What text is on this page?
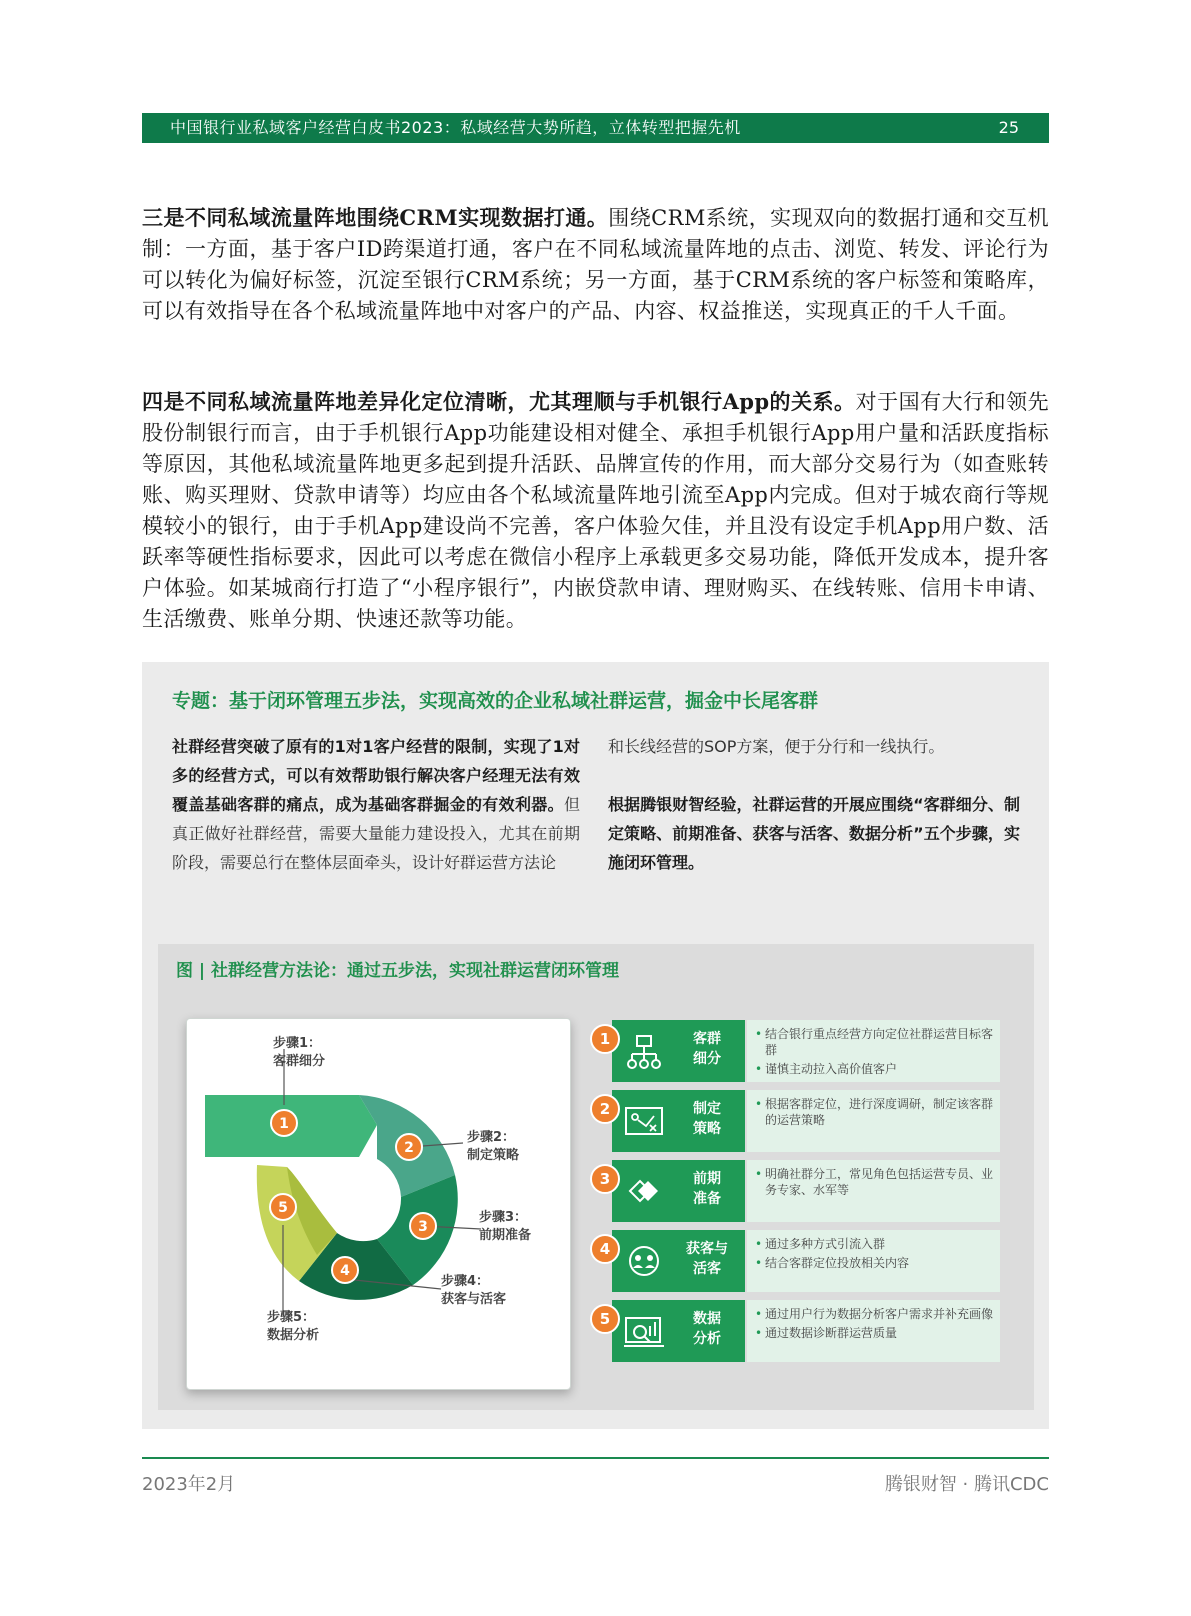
中国银行业私域客户经营白皮书2023：私域经营大势所趋，立体转型把握先机	25

三是不同私域流量阵地围绕CRM实现数据打通。围绕CRM系统，实现双向的数据打通和交互机制：一方面，基于客户ID跨渠道打通，客户在不同私域流量阵地的点击、浏览、转发、评论行为可以转化为偏好标签，沉淀至银行CRM系统；另一方面，基于CRM系统的客户标签和策略库，可以有效指导在各个私域流量阵地中对客户的产品、内容、权益推送，实现真正的千人千面。

四是不同私域流量阵地差异化定位清晰，尤其理顺与手机银行App的关系。对于国有大行和领先股份制银行而言，由于手机银行App功能建设相对健全、承担手机银行App用户量和活跃度指标等原因，其他私域流量阵地更多起到提升活跃、品牌宣传的作用，而大部分交易行为（如查账转账、购买理财、贷款申请等）均应由各个私域流量阵地引流至App内完成。但对于城农商行等规模较小的银行，由于手机App建设尚不完善，客户体验欠佳，并且没有设定手机App用户数、活跃率等硬性指标要求，因此可以考虑在微信小程序上承载更多交易功能，降低开发成本，提升客户体验。如某城商行打造了“小程序银行”，内嵌贷款申请、理财购买、在线转账、信用卡申请、生活缴费、账单分期、快速还款等功能。

专题：基于闭环管理五步法，实现高效的企业私域社群运营，掘金中长尾客群

社群经营突破了原有的1对1客户经营的限制，实现了1对多的经营方式，可以有效帮助银行解决客户经理无法有效覆盖基础客群的痛点，成为基础客群掘金的有效利器。但真正做好社群经营，需要大量能力建设投入，尤其在前期阶段，需要总行在整体层面牵头，设计好群运营方法论

和长线经营的SOP方案，便于分行和一线执行。

根据腾银财智经验，社群运营的开展应围绕“客群细分、制定策略、前期准备、获客与活客、数据分析”五个步骤，实施闭环管理。

图 | 社群经营方法论：通过五步法，实现社群运营闭环管理
1
2
3
4
5
步骤1：
客群细分
步骤2：
制定策略
步骤3：
前期准备
步骤4：
获客与活客
步骤5：
数据分析
客群
细分
• 结合银行重点经营方向定位社群运营目标客群
• 谨慎主动拉入高价值客户
1
制定
策略
• 根据客群定位，进行深度调研，制定该客群的运营策略
2
前期
准备
• 明确社群分工，常见角色包括运营专员、业务专家、水军等
3
获客与
活客
• 通过多种方式引流入群
• 结合客群定位投放相关内容
4
数据
分析
• 通过用户行为数据分析客户需求并补充画像
• 通过数据诊断群运营质量
5
2023年2月	腾银财智 · 腾讯CDC
